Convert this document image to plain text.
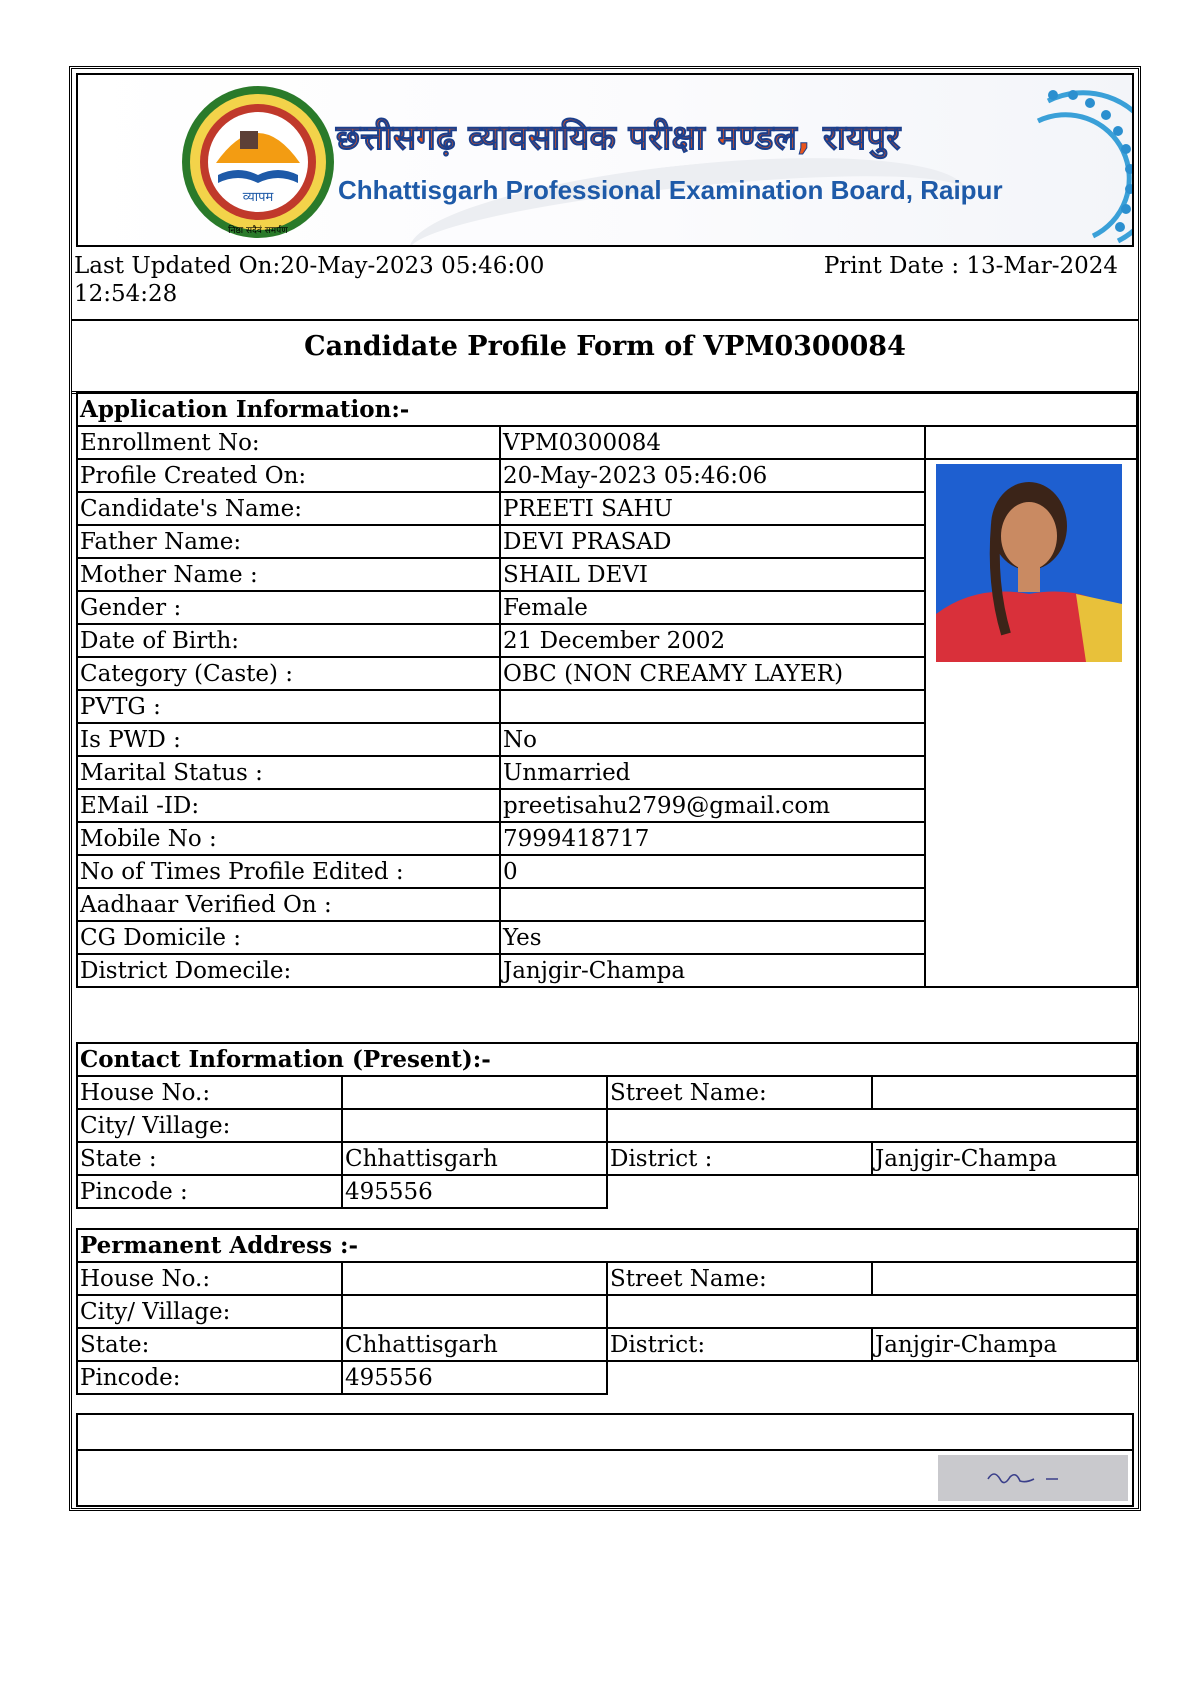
व्यापम
निष्ठा सदैवं समर्पण
छत्तीसगढ़ व्यावसायिक परीक्षा मण्डल, रायपुर
Chhattisgarh Professional Examination Board, Raipur
Last Updated On:20-May-2023 05:46:00
12:54:28
Print Date : 13-Mar-2024
Candidate Profile Form of VPM0300084
Application Information:-		
Enrollment No:	VPM0300084	
Profile Created On:	20-May-2023 05:46:06	

Candidate's Name:	PREETI SAHU	
Father Name:	DEVI PRASAD	
Mother Name :	SHAIL DEVI	
Gender :	Female	
Date of Birth:	21 December 2002	
Category (Caste) :	OBC (NON CREAMY LAYER)	
PVTG :		
Is PWD :	No	
Marital Status :	Unmarried	
EMail -ID:	preetisahu2799@gmail.com	
Mobile No :	7999418717	
No of Times Profile Edited :	0	
Aadhaar Verified On :		
CG Domicile :	Yes	
District Domecile:	Janjgir-Champa	
Contact Information (Present):-			
House No.:		Street Name:	
City/ Village:			
State :	Chhattisgarh	District :	Janjgir-Champa
Pincode :	495556		
Permanent Address :-			
House No.:		Street Name:	
City/ Village:			
State:	Chhattisgarh	District:	Janjgir-Champa
Pincode:	495556		
